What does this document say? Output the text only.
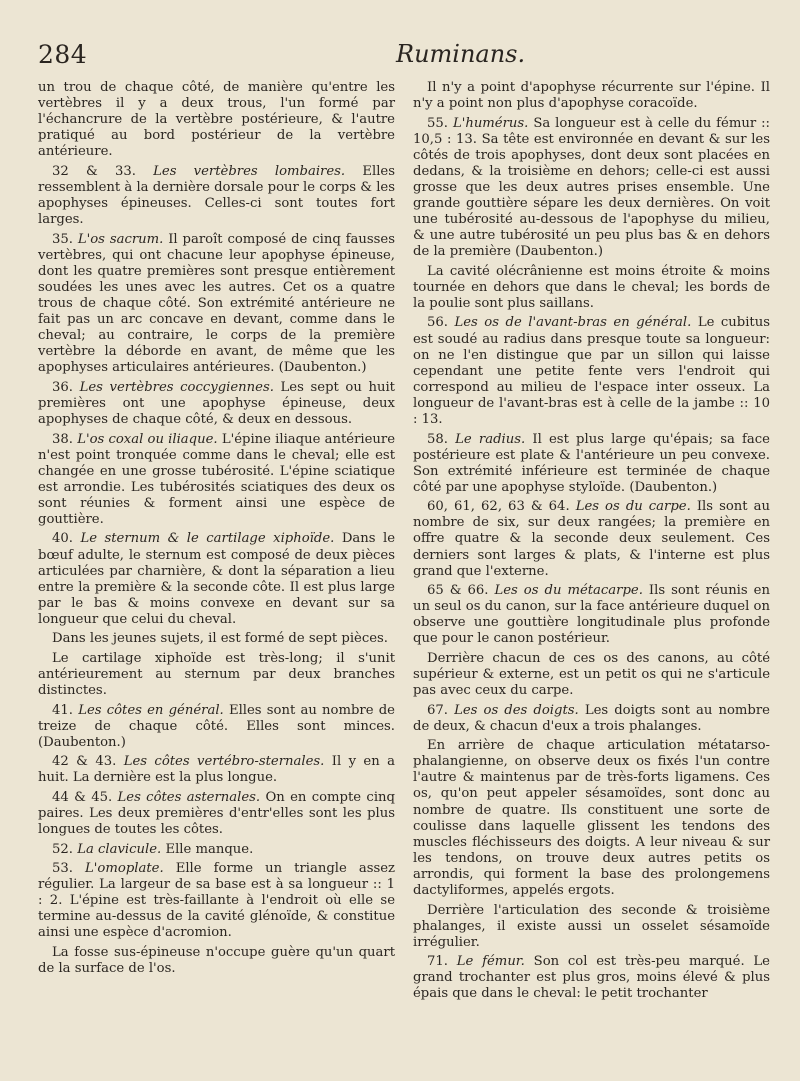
284	Ruminans.

un trou de chaque côté, de manière qu'entre les vertèbres il y a deux trous, l'un formé par l'échancrure de la vertèbre postérieure, & l'autre pratiqué au bord postérieur de la vertèbre antérieure.

32 & 33. Les vertèbres lombaires. Elles ressemblent à la dernière dorsale pour le corps & les apophyses épineuses. Celles-ci sont toutes fort larges.

35. L'os sacrum. Il paroît composé de cinq fausses vertèbres, qui ont chacune leur apophyse épineuse, dont les quatre premières sont presque entièrement soudées les unes avec les autres. Cet os a quatre trous de chaque côté. Son extrémité antérieure ne fait pas un arc concave en devant, comme dans le cheval; au contraire, le corps de la première vertèbre la déborde en avant, de même que les apophyses articulaires antérieures. (Daubenton.)

36. Les vertèbres coccygiennes. Les sept ou huit premières ont une apophyse épineuse, deux apophyses de chaque côté, & deux en dessous.

38. L'os coxal ou iliaque. L'épine iliaque antérieure n'est point tronquée comme dans le cheval; elle est changée en une grosse tubérosité. L'épine sciatique est arrondie. Les tubérosités sciatiques des deux os sont réunies & forment ainsi une espèce de gouttière.

40. Le sternum & le cartilage xiphoïde. Dans le bœuf adulte, le sternum est composé de deux pièces articulées par charnière, & dont la séparation a lieu entre la première & la seconde côte. Il est plus large par le bas & moins convexe en devant sur sa longueur que celui du cheval.

Dans les jeunes sujets, il est formé de sept pièces.

Le cartilage xiphoïde est très-long; il s'unit antérieurement au sternum par deux branches distinctes.

41. Les côtes en général. Elles sont au nombre de treize de chaque côté. Elles sont minces. (Daubenton.)

42 & 43. Les côtes vertébro-sternales. Il y en a huit. La dernière est la plus longue.

44 & 45. Les côtes asternales. On en compte cinq paires. Les deux premières d'entr'elles sont les plus longues de toutes les côtes.

52. La clavicule. Elle manque.

53. L'omoplate. Elle forme un triangle assez régulier. La largeur de sa base est à sa longueur :: 1 : 2. L'épine est très-faillante à l'endroit où elle se termine au-dessus de la cavité glénoïde, & constitue ainsi une espèce d'acromion.

La fosse sus-épineuse n'occupe guère qu'un quart de la surface de l'os.

Il n'y a point d'apophyse récurrente sur l'épine. Il n'y a point non plus d'apophyse coracoïde.

55. L'humérus. Sa longueur est à celle du fémur :: 10,5 : 13. Sa tête est environnée en devant & sur les côtés de trois apophyses, dont deux sont placées en dedans, & la troisième en dehors; celle-ci est aussi grosse que les deux autres prises ensemble. Une grande gouttière sépare les deux dernières. On voit une tubérosité au-dessous de l'apophyse du milieu, & une autre tubérosité un peu plus bas & en dehors de la première (Daubenton.)

La cavité olécrânienne est moins étroite & moins tournée en dehors que dans le cheval; les bords de la poulie sont plus saillans.

56. Les os de l'avant-bras en général. Le cubitus est soudé au radius dans presque toute sa longueur: on ne l'en distingue que par un sillon qui laisse cependant une petite fente vers l'endroit qui correspond au milieu de l'espace inter osseux. La longueur de l'avant-bras est à celle de la jambe :: 10 : 13.

58. Le radius. Il est plus large qu'épais; sa face postérieure est plate & l'antérieure un peu convexe. Son extrémité inférieure est terminée de chaque côté par une apophyse styloïde. (Daubenton.)

60, 61, 62, 63 & 64. Les os du carpe. Ils sont au nombre de six, sur deux rangées; la première en offre quatre & la seconde deux seulement. Ces derniers sont larges & plats, & l'interne est plus grand que l'externe.

65 & 66. Les os du métacarpe. Ils sont réunis en un seul os du canon, sur la face antérieure duquel on observe une gouttière longitudinale plus profonde que pour le canon postérieur.

Derrière chacun de ces os des canons, au côté supérieur & externe, est un petit os qui ne s'articule pas avec ceux du carpe.

67. Les os des doigts. Les doigts sont au nombre de deux, & chacun d'eux a trois phalanges.

En arrière de chaque articulation métatarso-phalangienne, on observe deux os fixés l'un contre l'autre & maintenus par de très-forts ligamens. Ces os, qu'on peut appeler sésamoïdes, sont donc au nombre de quatre. Ils constituent une sorte de coulisse dans laquelle glissent les tendons des muscles fléchisseurs des doigts. A leur niveau & sur les tendons, on trouve deux autres petits os arrondis, qui forment la base des prolongemens dactyliformes, appelés ergots.

Derrière l'articulation des seconde & troisième phalanges, il existe aussi un osselet sésamoïde irrégulier.

71. Le fémur. Son col est très-peu marqué. Le grand trochanter est plus gros, moins élevé & plus épais que dans le cheval: le petit trochanter
